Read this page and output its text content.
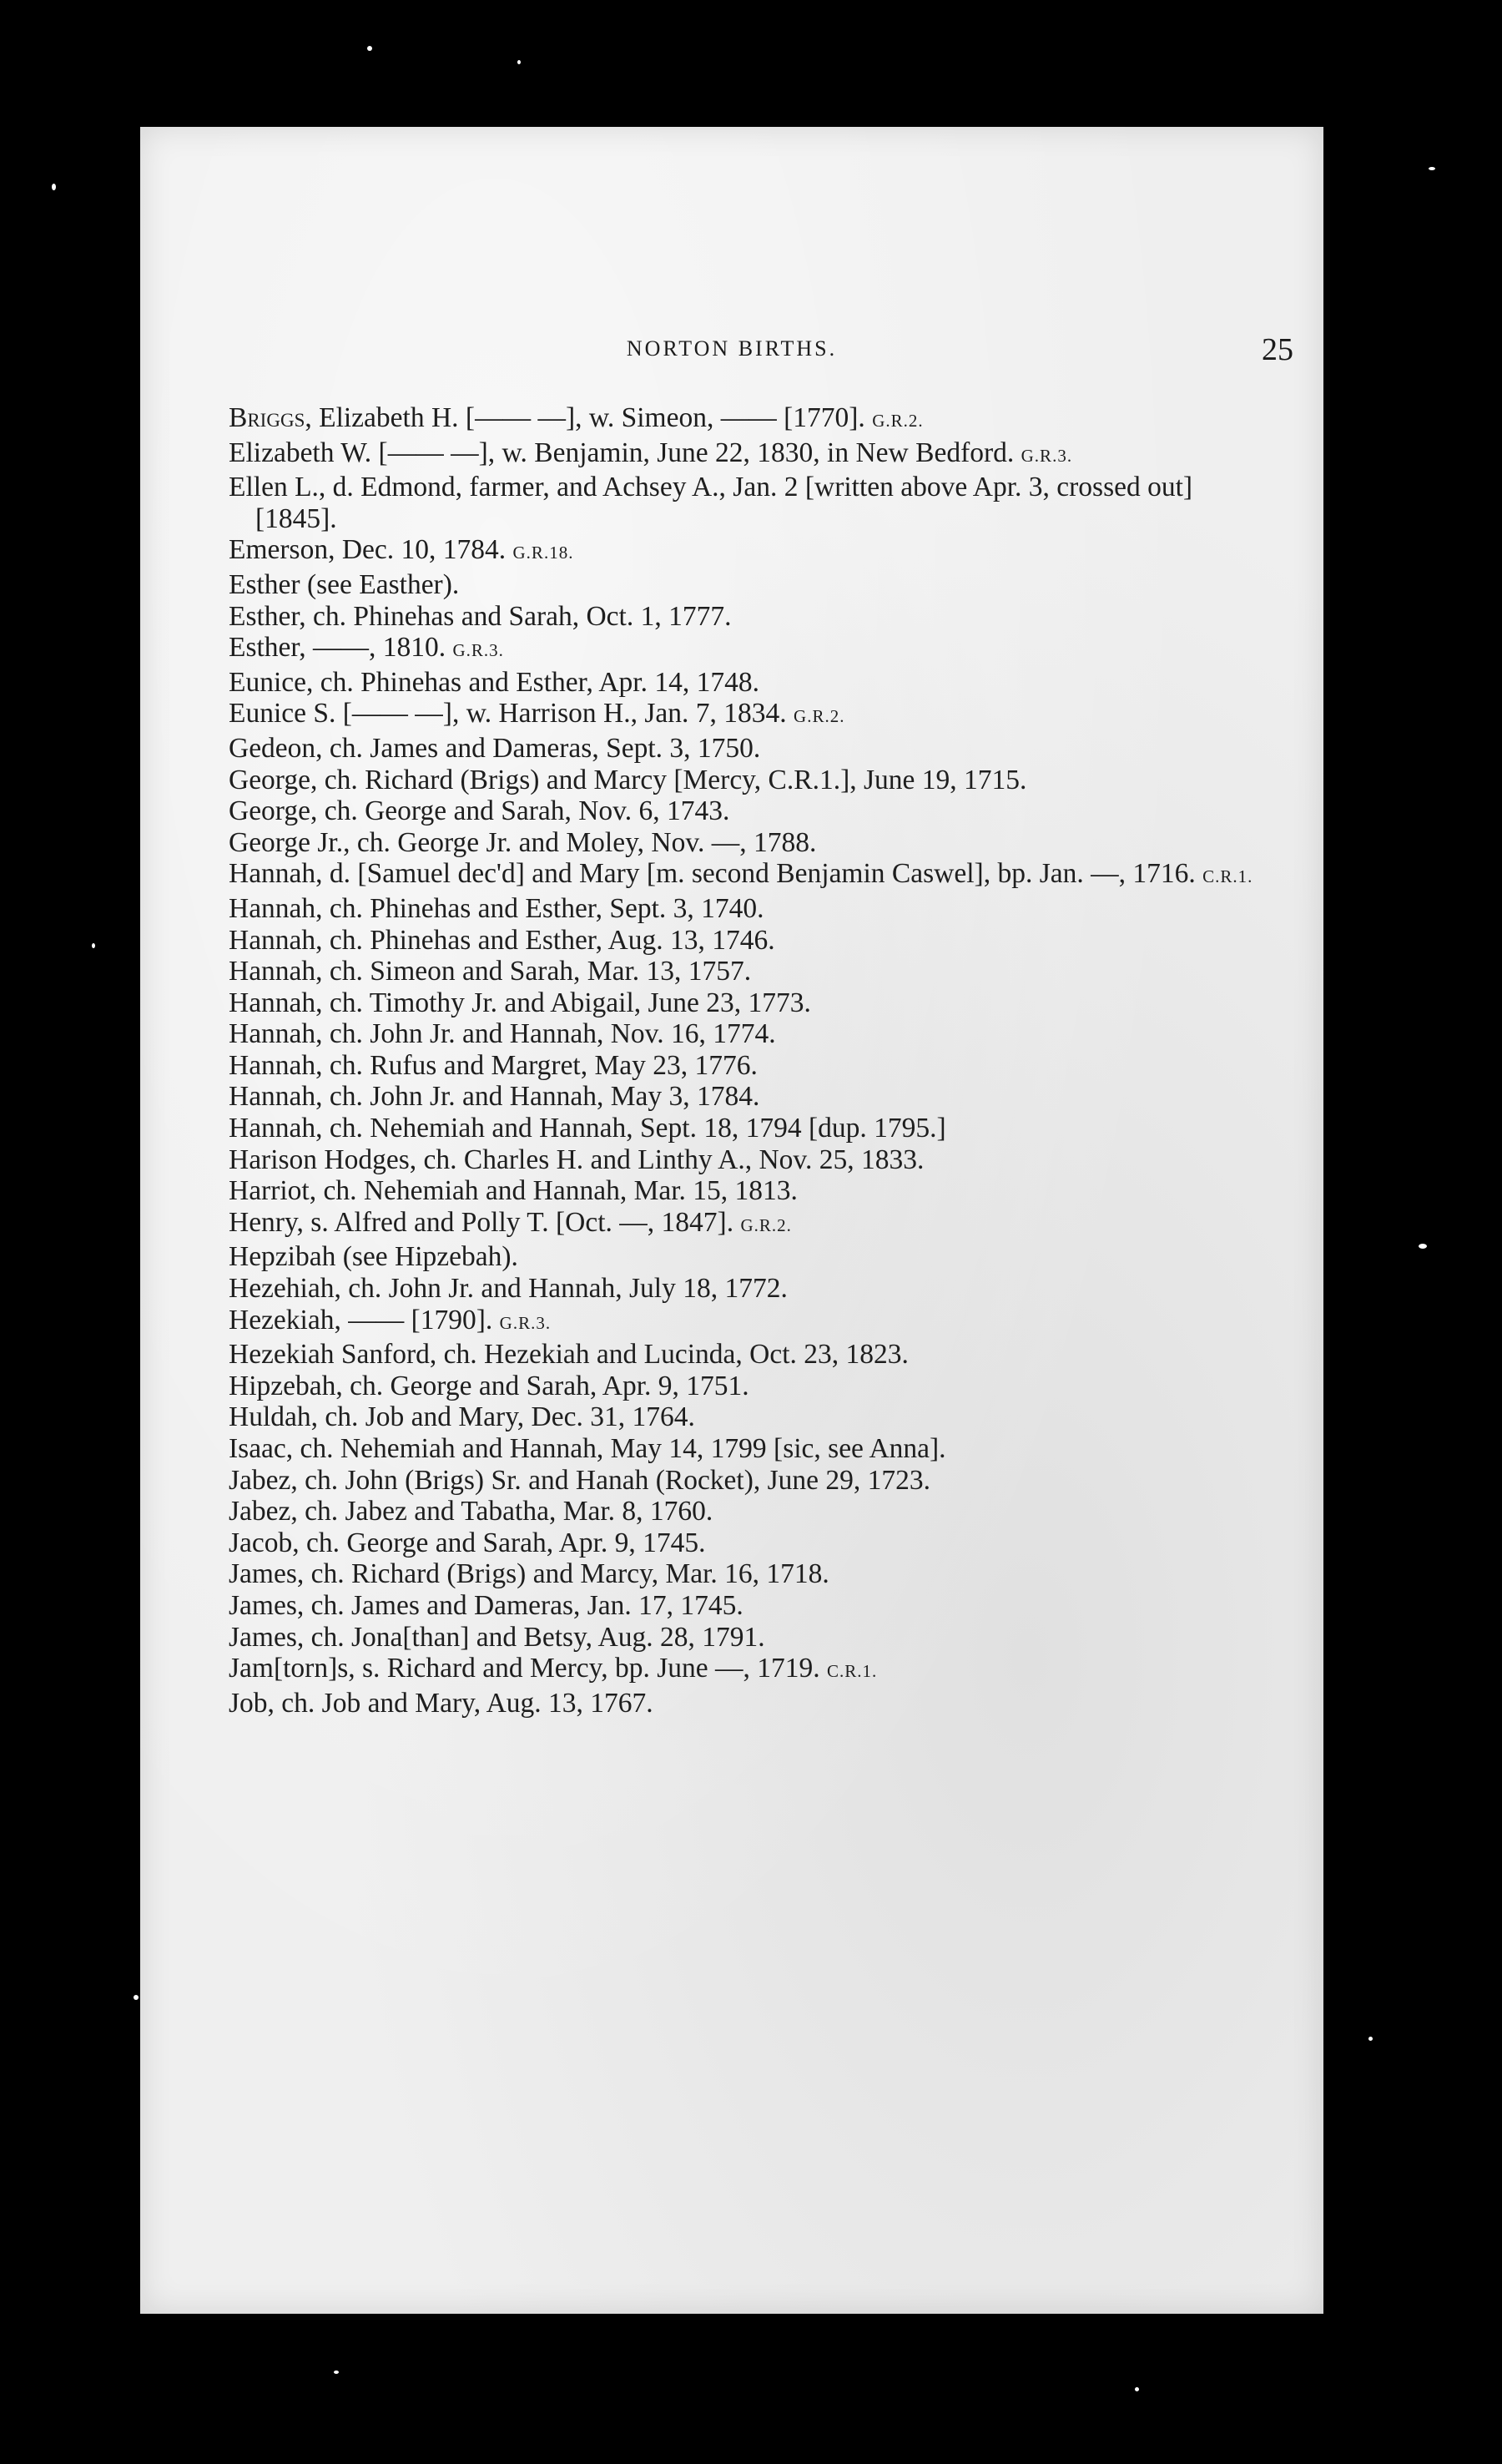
NORTON BIRTHS.	25
Briggs, Elizabeth H. [—— —], w. Simeon, —— [1770]. G.R.2.
Elizabeth W. [—— —], w. Benjamin, June 22, 1830, in New Bedford. G.R.3.
Ellen L., d. Edmond, farmer, and Achsey A., Jan. 2 [written above Apr. 3, crossed out] [1845].
Emerson, Dec. 10, 1784. G.R.18.
Esther (see Easther).
Esther, ch. Phinehas and Sarah, Oct. 1, 1777.
Esther, ——, 1810. G.R.3.
Eunice, ch. Phinehas and Esther, Apr. 14, 1748.
Eunice S. [—— —], w. Harrison H., Jan. 7, 1834. G.R.2.
Gedeon, ch. James and Dameras, Sept. 3, 1750.
George, ch. Richard (Brigs) and Marcy [Mercy, C.R.1.], June 19, 1715.
George, ch. George and Sarah, Nov. 6, 1743.
George Jr., ch. George Jr. and Moley, Nov. —, 1788.
Hannah, d. [Samuel dec'd] and Mary [m. second Benjamin Caswel], bp. Jan. —, 1716. C.R.1.
Hannah, ch. Phinehas and Esther, Sept. 3, 1740.
Hannah, ch. Phinehas and Esther, Aug. 13, 1746.
Hannah, ch. Simeon and Sarah, Mar. 13, 1757.
Hannah, ch. Timothy Jr. and Abigail, June 23, 1773.
Hannah, ch. John Jr. and Hannah, Nov. 16, 1774.
Hannah, ch. Rufus and Margret, May 23, 1776.
Hannah, ch. John Jr. and Hannah, May 3, 1784.
Hannah, ch. Nehemiah and Hannah, Sept. 18, 1794 [dup. 1795.]
Harison Hodges, ch. Charles H. and Linthy A., Nov. 25, 1833.
Harriot, ch. Nehemiah and Hannah, Mar. 15, 1813.
Henry, s. Alfred and Polly T. [Oct. —, 1847]. G.R.2.
Hepzibah (see Hipzebah).
Hezehiah, ch. John Jr. and Hannah, July 18, 1772.
Hezekiah, —— [1790]. G.R.3.
Hezekiah Sanford, ch. Hezekiah and Lucinda, Oct. 23, 1823.
Hipzebah, ch. George and Sarah, Apr. 9, 1751.
Huldah, ch. Job and Mary, Dec. 31, 1764.
Isaac, ch. Nehemiah and Hannah, May 14, 1799 [sic, see Anna].
Jabez, ch. John (Brigs) Sr. and Hanah (Rocket), June 29, 1723.
Jabez, ch. Jabez and Tabatha, Mar. 8, 1760.
Jacob, ch. George and Sarah, Apr. 9, 1745.
James, ch. Richard (Brigs) and Marcy, Mar. 16, 1718.
James, ch. James and Dameras, Jan. 17, 1745.
James, ch. Jona[than] and Betsy, Aug. 28, 1791.
Jam[torn]s, s. Richard and Mercy, bp. June —, 1719. C.R.1.
Job, ch. Job and Mary, Aug. 13, 1767.
